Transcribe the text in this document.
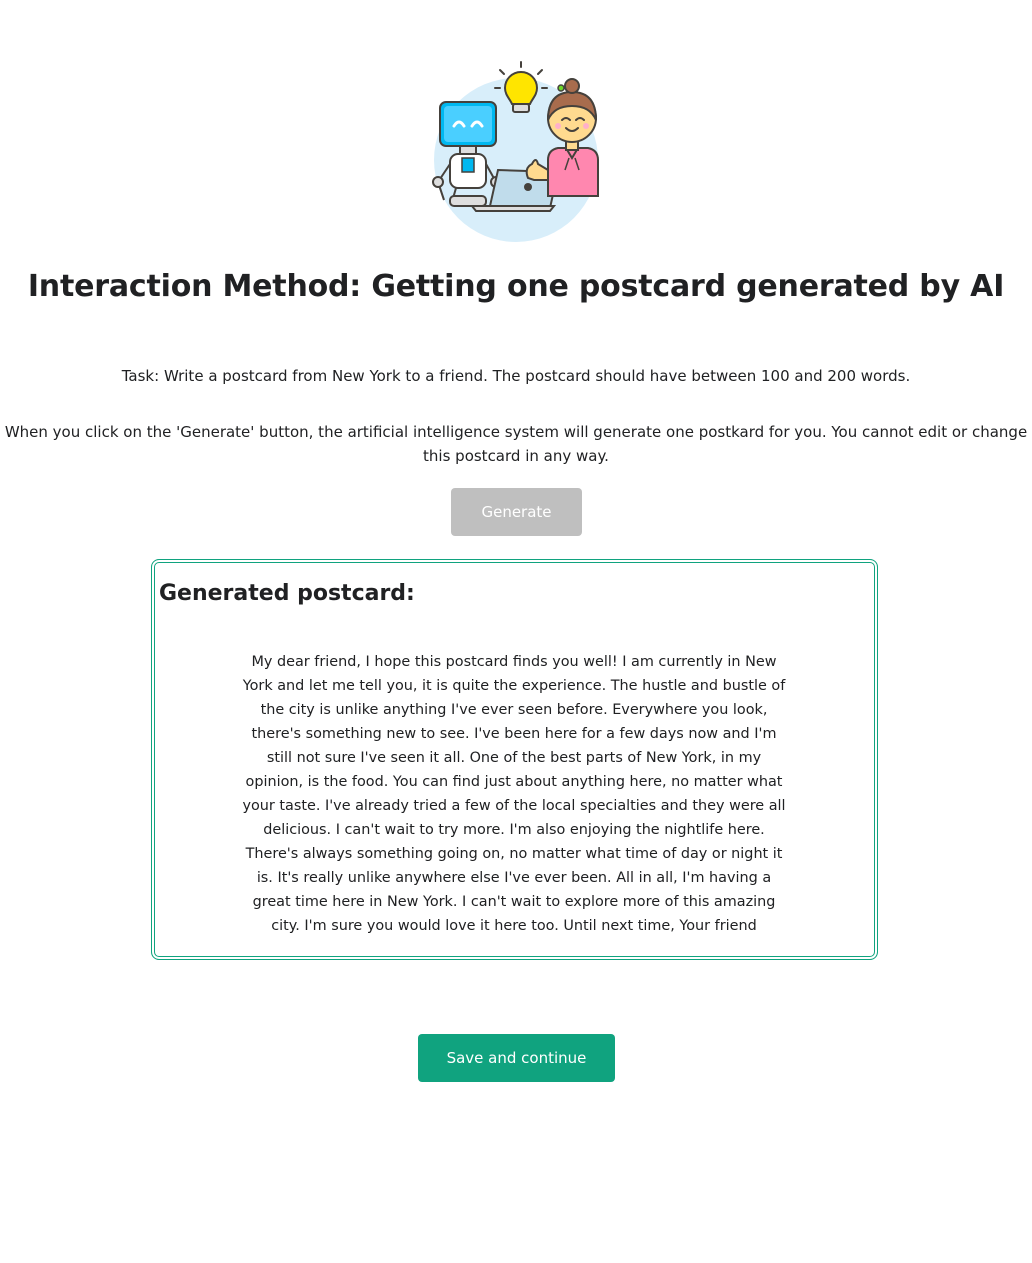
Interaction Method: Getting one postcard generated by AI

Task: Write a postcard from New York to a friend. The postcard should have between 100 and 200 words.

When you click on the 'Generate' button, the artificial intelligence system will generate one postkard for you. You cannot edit or change this postcard in any way.

Generate
Generated postcard:

My dear friend, I hope this postcard finds you well! I am currently in New York and let me tell you, it is quite the experience. The hustle and bustle of the city is unlike anything I've ever seen before. Everywhere you look, there's something new to see. I've been here for a few days now and I'm still not sure I've seen it all. One of the best parts of New York, in my opinion, is the food. You can find just about anything here, no matter what your taste. I've already tried a few of the local specialties and they were all delicious. I can't wait to try more. I'm also enjoying the nightlife here. There's always something going on, no matter what time of day or night it is. It's really unlike anywhere else I've ever been. All in all, I'm having a great time here in New York. I can't wait to explore more of this amazing city. I'm sure you would love it here too. Until next time, Your friend

Save and continue
